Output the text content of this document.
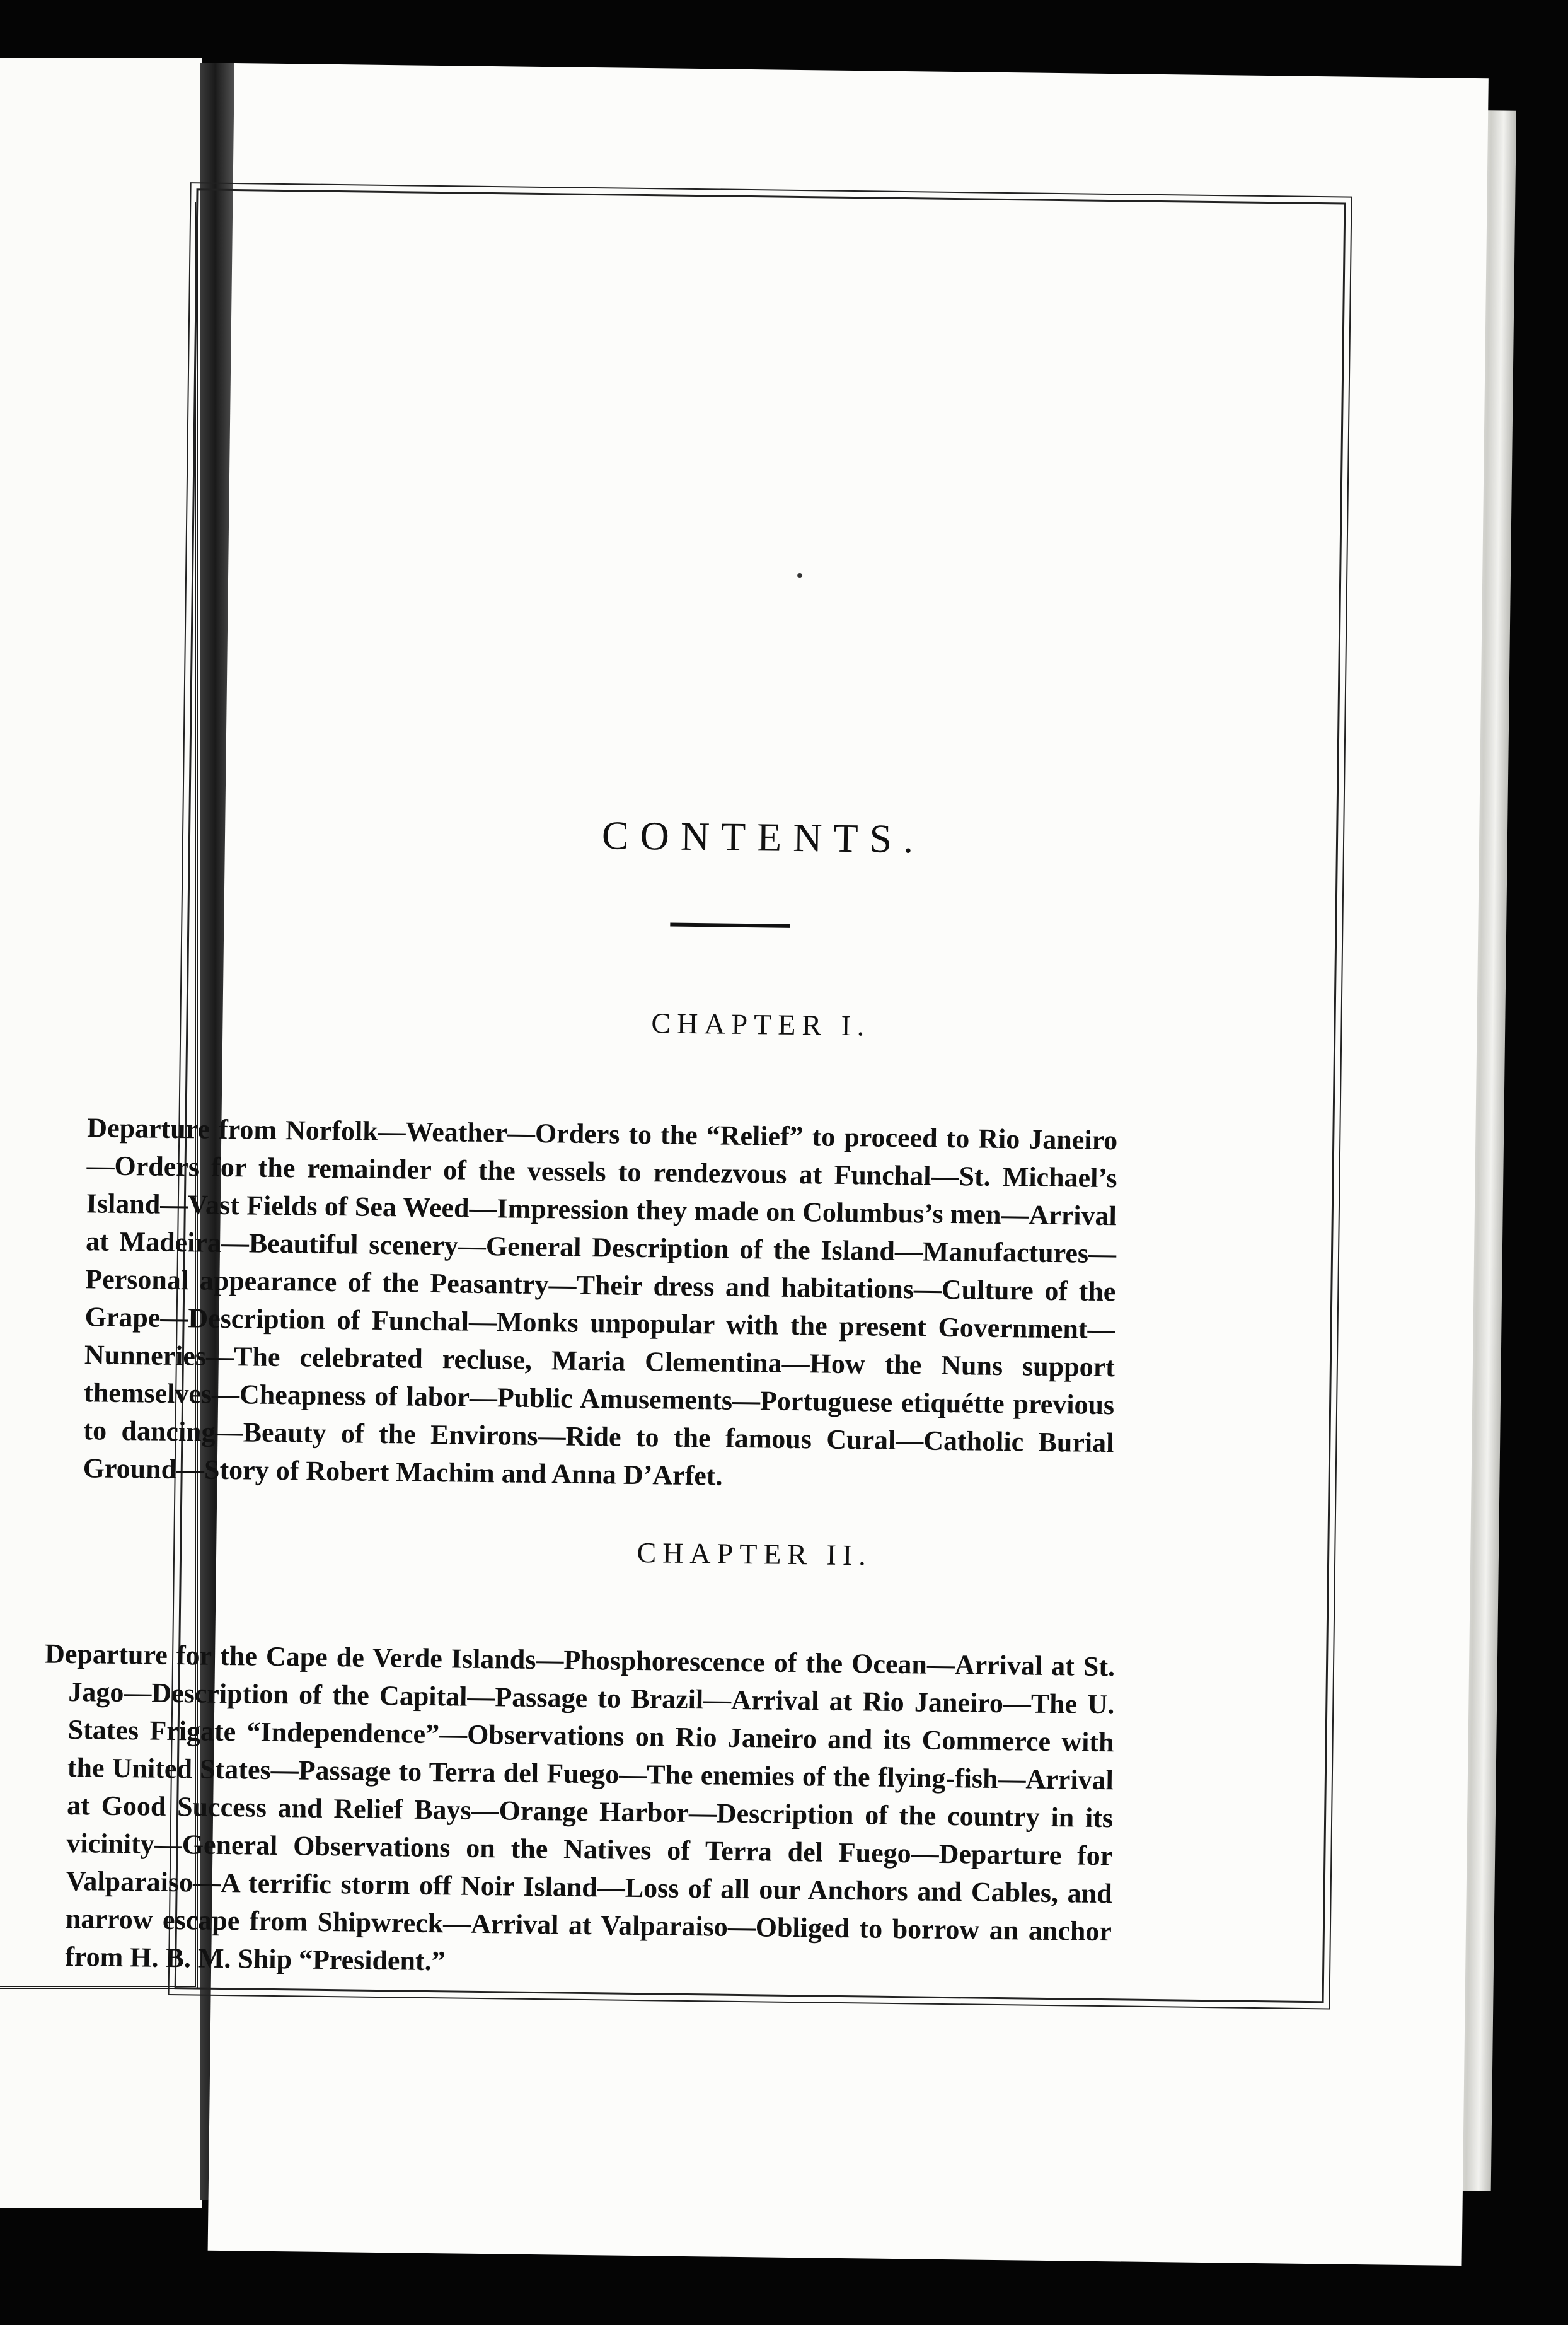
CONTENTS.
CHAPTER I.

Departure from Norfolk—Weather—Orders to the “Relief” to proceed to Rio Janeiro—Orders for the remainder of the vessels to rendezvous at Funchal—St. Michael’s Island—Vast Fields of Sea Weed—Impression they made on Columbus’s men—Arrival at Madeira—Beautiful scenery—General Description of the Island—Manufactures—Personal appearance of the Peasantry—Their dress and habitations—Culture of the Grape—Description of Funchal—Monks unpopular with the present Government—Nunneries—The celebrated recluse, Maria Clementina—How the Nuns support themselves—Cheapness of labor—Public Amusements—Portuguese etiquétte previous to dancing—Beauty of the Environs—Ride to the famous Cural—Catholic Burial Ground—Story of Robert Machim and Anna D’Arfet.

CHAPTER II.

Departure for the Cape de Verde Islands—Phosphorescence of the Ocean—Arrival at St. Jago—Description of the Capital—Passage to Brazil—Arrival at Rio Janeiro—The U. States Frigate “Independence”—Observations on Rio Janeiro and its Commerce with the United States—Passage to Terra del Fuego—The enemies of the flying-fish—Arrival at Good Success and Relief Bays—Orange Harbor—Description of the country in its vicinity—General Observations on the Natives of Terra del Fuego—Departure for Valparaiso—A terrific storm off Noir Island—Loss of all our Anchors and Cables, and narrow escape from Shipwreck—Arrival at Valparaiso—Obliged to borrow an anchor from H. B. M. Ship “President.”
